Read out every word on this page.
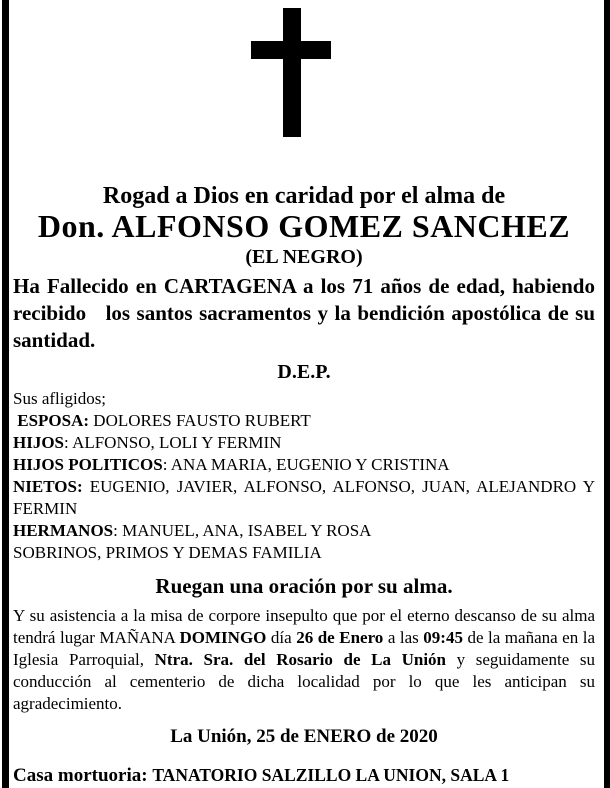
Rogad a Dios en caridad por el alma de

Don. ALFONSO GOMEZ SANCHEZ

(EL NEGRO)

Ha Fallecido en CARTAGENA a los 71 años de edad, habiendo recibido   los santos sacramentos y la bendición apostólica de su santidad.

D.E.P.

Sus afligidos;
ESPOSA: DOLORES FAUSTO RUBERT
HIJOS: ALFONSO, LOLI Y FERMIN
HIJOS POLITICOS: ANA MARIA, EUGENIO Y CRISTINA
NIETOS: EUGENIO, JAVIER, ALFONSO, ALFONSO, JUAN, ALEJANDRO Y
FERMIN
HERMANOS: MANUEL, ANA, ISABEL Y ROSA
SOBRINOS, PRIMOS Y DEMAS FAMILIA

Ruegan una oración por su alma.

Y su asistencia a la misa de corpore insepulto que por el eterno descanso de su alma tendrá lugar MAÑANA DOMINGO día 26 de Enero a las 09:45 de la mañana en la Iglesia Parroquial, Ntra. Sra. del Rosario de La Unión y seguidamente su conducción al cementerio de dicha localidad por lo que les anticipan su agradecimiento.

La Unión, 25 de ENERO de 2020

Casa mortuoria: TANATORIO SALZILLO LA UNION, SALA 1
